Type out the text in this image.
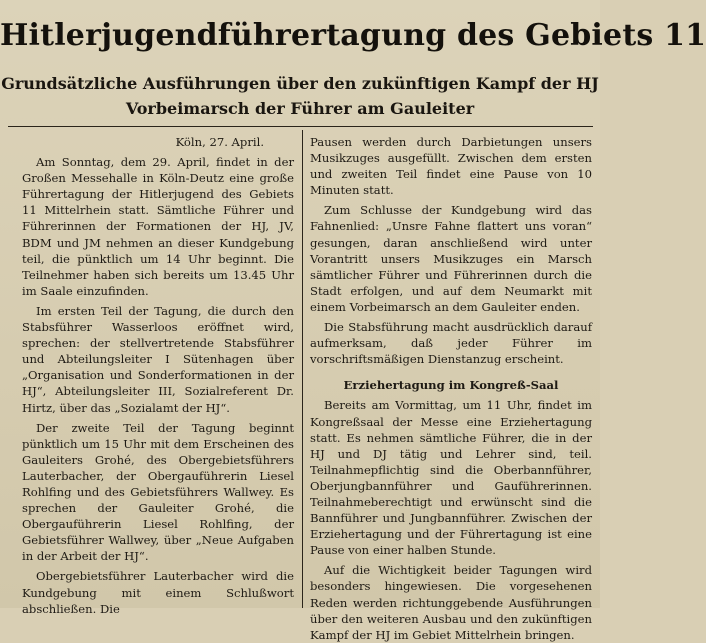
Hitlerjugendführertagung des Gebiets 11
Grundsätzliche Ausführungen über den zukünftigen Kampf der HJ
Vorbeimarsch der Führer am Gauleiter

Köln, 27. April.

Am Sonntag, dem 29. April, findet in der Großen Messehalle in Köln-Deutz eine große Führertagung der Hitlerjugend des Gebiets 11 Mittelrhein statt. Sämtliche Führer und Führerinnen der Formationen der HJ, JV, BDM und JM nehmen an dieser Kundgebung teil, die pünktlich um 14 Uhr beginnt. Die Teilnehmer haben sich bereits um 13.45 Uhr im Saale einzufinden.

Im ersten Teil der Tagung, die durch den Stabsführer Wasserloos eröffnet wird, sprechen: der stellvertretende Stabsführer und Abteilungsleiter I Sütenhagen über „Organisation und Sonderformationen in der HJ“, Abteilungsleiter III, Sozialreferent Dr. Hirtz, über das „Sozialamt der HJ“.

Der zweite Teil der Tagung beginnt pünktlich um 15 Uhr mit dem Erscheinen des Gauleiters Grohé, des Obergebietsführers Lauterbacher, der Obergauführerin Liesel Rohlfing und des Gebietsführers Wallwey. Es sprechen der Gauleiter Grohé, die Obergauführerin Liesel Rohlfing, der Gebietsführer Wallwey, über „Neue Aufgaben in der Arbeit der HJ“.

Obergebietsführer Lauterbacher wird die Kundgebung mit einem Schlußwort abschließen. Die

Pausen werden durch Darbietungen unsers Musikzuges ausgefüllt. Zwischen dem ersten und zweiten Teil findet eine Pause von 10 Minuten statt.

Zum Schlusse der Kundgebung wird das Fahnenlied: „Unsre Fahne flattert uns voran“ gesungen, daran anschließend wird unter Vorantritt unsers Musikzuges ein Marsch sämtlicher Führer und Führerinnen durch die Stadt erfolgen, und auf dem Neumarkt mit einem Vorbeimarsch an dem Gauleiter enden.

Die Stabsführung macht ausdrücklich darauf aufmerksam, daß jeder Führer im vorschriftsmäßigen Dienstanzug erscheint.

Erziehertagung im Kongreß-Saal

Bereits am Vormittag, um 11 Uhr, findet im Kongreßsaal der Messe eine Erziehertagung statt. Es nehmen sämtliche Führer, die in der HJ und DJ tätig und Lehrer sind, teil. Teilnahmepflichtig sind die Oberbannführer, Oberjungbannführer und Gauführerinnen. Teilnahmeberechtigt und erwünscht sind die Bannführer und Jungbannführer. Zwischen der Erziehertagung und der Führertagung ist eine Pause von einer halben Stunde.

Auf die Wichtigkeit beider Tagungen wird besonders hingewiesen. Die vorgesehenen Reden werden richtunggebende Ausführungen über den weiteren Ausbau und den zukünftigen Kampf der HJ im Gebiet Mittelrhein bringen.
